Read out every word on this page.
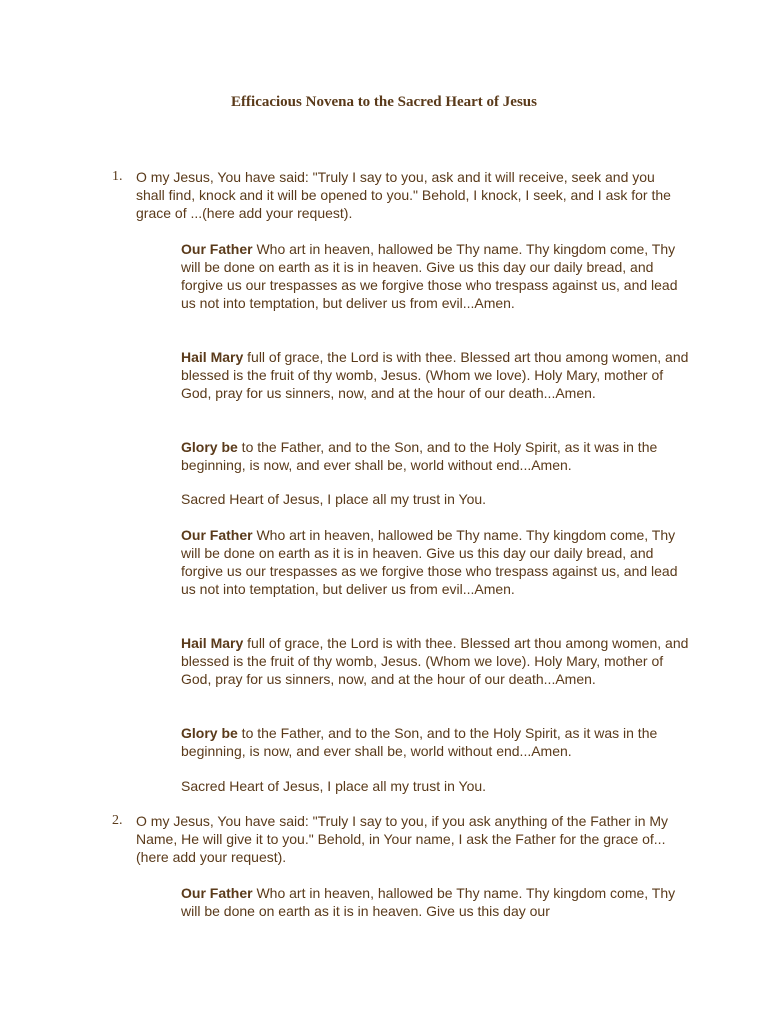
Efficacious Novena to the Sacred Heart of Jesus
1. O my Jesus, You have said: "Truly I say to you, ask and it will receive, seek and you shall find, knock and it will be opened to you." Behold, I knock, I seek, and I ask for the grace of ...(here add your request).
Our Father Who art in heaven, hallowed be Thy name. Thy kingdom come, Thy will be done on earth as it is in heaven. Give us this day our daily bread, and forgive us our trespasses as we forgive those who trespass against us, and lead us not into temptation, but deliver us from evil...Amen.
Hail Mary full of grace, the Lord is with thee. Blessed art thou among women, and blessed is the fruit of thy womb, Jesus. (Whom we love). Holy Mary, mother of God, pray for us sinners, now, and at the hour of our death...Amen.
Glory be to the Father, and to the Son, and to the Holy Spirit, as it was in the beginning, is now, and ever shall be, world without end...Amen.
Sacred Heart of Jesus, I place all my trust in You.
Our Father Who art in heaven, hallowed be Thy name. Thy kingdom come, Thy will be done on earth as it is in heaven. Give us this day our daily bread, and forgive us our trespasses as we forgive those who trespass against us, and lead us not into temptation, but deliver us from evil...Amen.
Hail Mary full of grace, the Lord is with thee. Blessed art thou among women, and blessed is the fruit of thy womb, Jesus. (Whom we love). Holy Mary, mother of God, pray for us sinners, now, and at the hour of our death...Amen.
Glory be to the Father, and to the Son, and to the Holy Spirit, as it was in the beginning, is now, and ever shall be, world without end...Amen.
Sacred Heart of Jesus, I place all my trust in You.
2. O my Jesus, You have said: "Truly I say to you, if you ask anything of the Father in My Name, He will give it to you." Behold, in Your name, I ask the Father for the grace of...(here add your request).
Our Father Who art in heaven, hallowed be Thy name. Thy kingdom come, Thy will be done on earth as it is in heaven. Give us this day our
